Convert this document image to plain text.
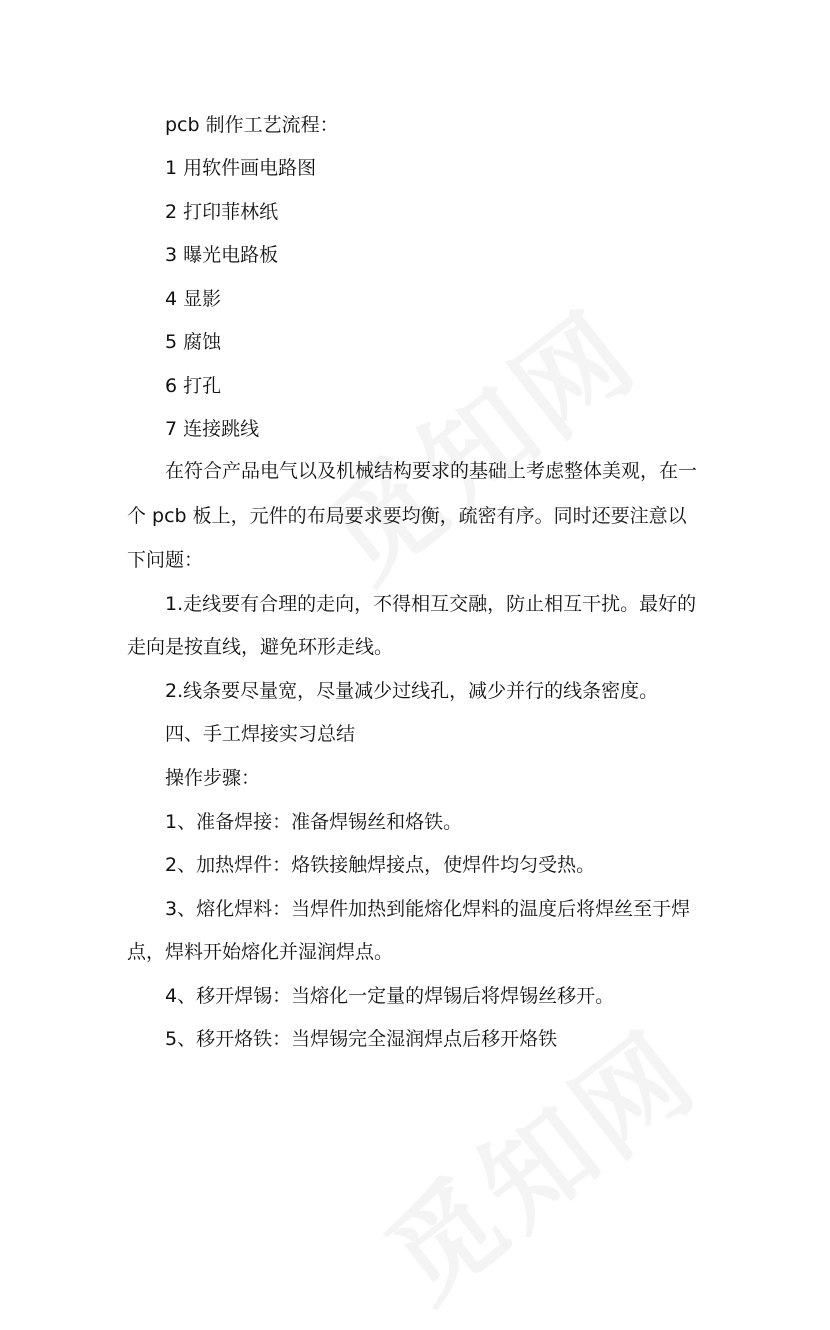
pcb 制作工艺流程：
1 用软件画电路图
2 打印菲林纸
3 曝光电路板
4 显影
5 腐蚀
6 打孔
7 连接跳线
在符合产品电气以及机械结构要求的基础上考虑整体美观，在一
个 pcb 板上，元件的布局要求要均衡，疏密有序。同时还要注意以
下问题：
1.走线要有合理的走向，不得相互交融，防止相互干扰。最好的
走向是按直线，避免环形走线。
2.线条要尽量宽，尽量减少过线孔，减少并行的线条密度。
四、手工焊接实习总结
操作步骤：
1、准备焊接：准备焊锡丝和烙铁。
2、加热焊件：烙铁接触焊接点，使焊件均匀受热。
3、熔化焊料：当焊件加热到能熔化焊料的温度后将焊丝至于焊
点，焊料开始熔化并湿润焊点。
4、移开焊锡：当熔化一定量的焊锡后将焊锡丝移开。
5、移开烙铁：当焊锡完全湿润焊点后移开烙铁
